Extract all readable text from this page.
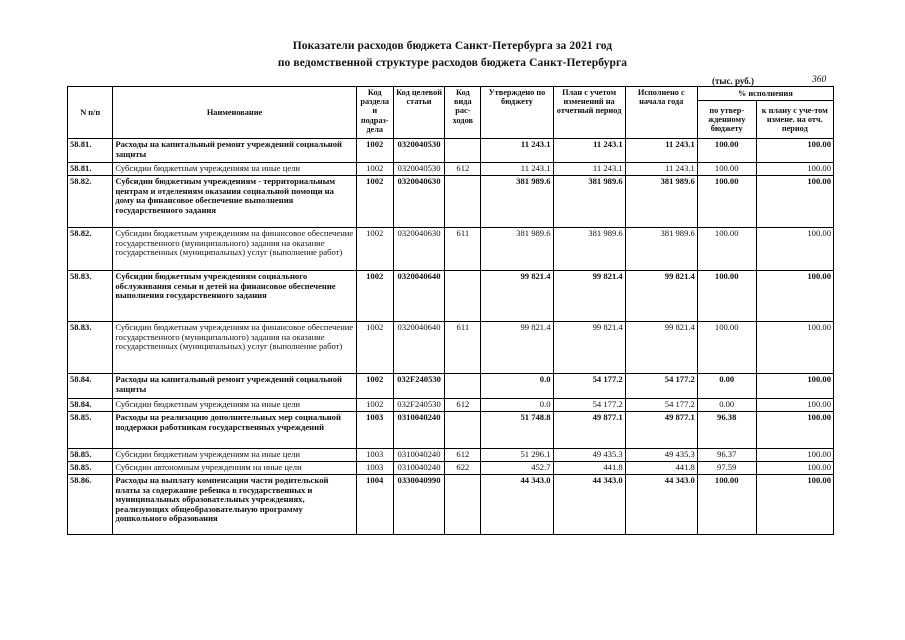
Показатели расходов бюджета Санкт-Петербурга за 2021 год
по ведомственной структуре расходов бюджета Санкт-Петербурга
(тыс. руб.)	360
N п/п	Наименование	Код раздела и подраз-дела	Код целевой статьи	Код вида рас-ходов	Утверждено по бюджету	План с учетом изменений на отчетный период	Исполнено с начала года	% исполнения	
								по утвер-жденному бюджету	к плану с уче-том измене. на отч. период
58.81.	Расходы на капитальный ремонт учреждений социальной защиты	1002	0320040530		11 243.1	11 243.1	11 243.1	100.00	100.00
58.81.	Субсидии бюджетным учреждениям на иные цели	1002	0320040530	612	11 243.1	11 243.1	11 243.1	100.00	100.00
58.82.	Субсидии бюджетным учреждениям - территориальным центрам и отделениям оказания социальной помощи на дому на финансовое обеспечение выполнения государственного задания	1002	0320040630		381 989.6	381 989.6	381 989.6	100.00	100.00
58.82.	Субсидии бюджетным учреждениям на финансовое обеспечение государственного (муниципального) задания на оказание государственных (муниципальных) услуг (выполнение работ)	1002	0320040630	611	381 989.6	381 989.6	381 989.6	100.00	100.00
58.83.	Субсидии бюджетным учреждениям социального обслуживания семьи и детей на финансовое обеспечение выполнения государственного задания	1002	0320040640		99 821.4	99 821.4	99 821.4	100.00	100.00
58.83.	Субсидии бюджетным учреждениям на финансовое обеспечение государственного (муниципального) задания на оказание государственных (муниципальных) услуг (выполнение работ)	1002	0320040640	611	99 821.4	99 821.4	99 821.4	100.00	100.00
58.84.	Расходы на капитальный ремонт учреждений социальной защиты	1002	032F240530		0.0	54 177.2	54 177.2	0.00	100.00
58.84.	Субсидии бюджетным учреждениям на иные цели	1002	032F240530	612	0.0	54 177.2	54 177.2	0.00	100.00
58.85.	Расходы на реализацию дополнительных мер социальной поддержки работникам государственных учреждений	1003	0310040240		51 748.8	49 877.1	49 877.1	96.38	100.00
58.85.	Субсидии бюджетным учреждениям на иные цели	1003	0310040240	612	51 296.1	49 435.3	49 435.3	96.37	100.00
58.85.	Субсидии автономным учреждениям на иные цели	1003	0310040240	622	452.7	441.8	441.8	97.59	100.00
58.86.	Расходы на выплату компенсации части родительской платы за содержание ребенка в государственных и муниципальных образовательных учреждениях, реализующих общеобразовательную программу дошкольного образования	1004	0330040990		44 343.0	44 343.0	44 343.0	100.00	100.00
